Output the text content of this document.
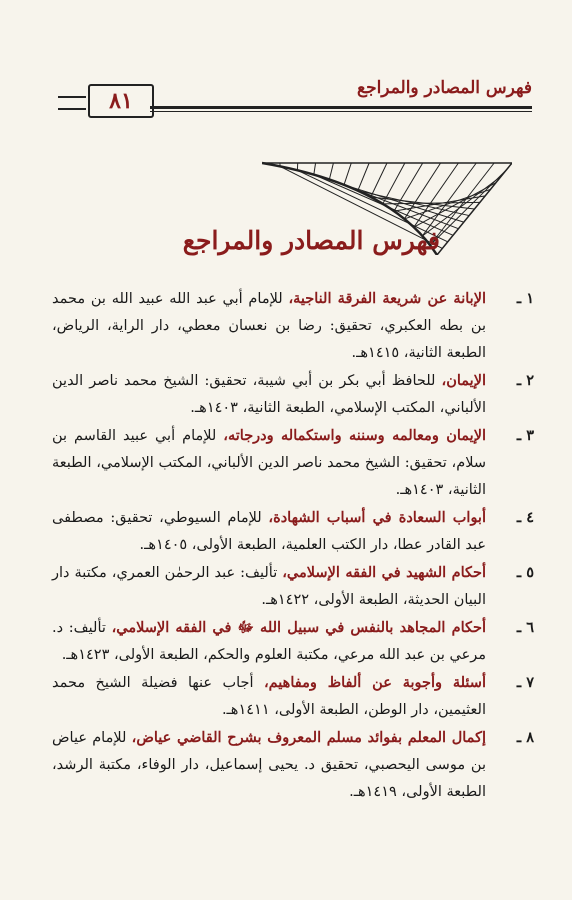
٨١	فهرس المصادر والمراجع
فهرس المصادر والمراجع
١ ـ
الإبانة عن شريعة الفرقة الناجية، للإمام أبي عبد الله عبيد الله بن محمد بن بطه العكبري، تحقيق: رضا بن نعسان معطي، دار الراية، الرياض، الطبعة الثانية، ١٤١٥هـ.
٢ ـ
الإيمان، للحافظ أبي بكر بن أبي شيبة، تحقيق: الشيخ محمد ناصر الدين الألباني، المكتب الإسلامي، الطبعة الثانية، ١٤٠٣هـ.
٣ ـ
الإيمان ومعالمه وسننه واستكماله ودرجاته، للإمام أبي عبيد القاسم بن سلام، تحقيق: الشيخ محمد ناصر الدين الألباني، المكتب الإسلامي، الطبعة الثانية، ١٤٠٣هـ.
٤ ـ
أبواب السعادة في أسباب الشهادة، للإمام السيوطي، تحقيق: مصطفى عبد القادر عطا، دار الكتب العلمية، الطبعة الأولى، ١٤٠٥هـ.
٥ ـ
أحكام الشهيد في الفقه الإسلامي، تأليف: عبد الرحمٰن العمري، مكتبة دار البيان الحديثة، الطبعة الأولى، ١٤٢٢هـ.
٦ ـ
أحكام المجاهد بالنفس في سبيل الله ﷻ في الفقه الإسلامي، تأليف: د. مرعي بن عبد الله مرعي، مكتبة العلوم والحكم، الطبعة الأولى، ١٤٢٣هـ.
٧ ـ
أسئلة وأجوبة عن ألفاظ ومفاهيم، أجاب عنها فضيلة الشيخ محمد العثيمين، دار الوطن، الطبعة الأولى، ١٤١١هـ.
٨ ـ
إكمال المعلم بفوائد مسلم المعروف بشرح القاضي عياض، للإمام عياض بن موسى اليحصبي، تحقيق د. يحيى إسماعيل، دار الوفاء، مكتبة الرشد، الطبعة الأولى، ١٤١٩هـ.
